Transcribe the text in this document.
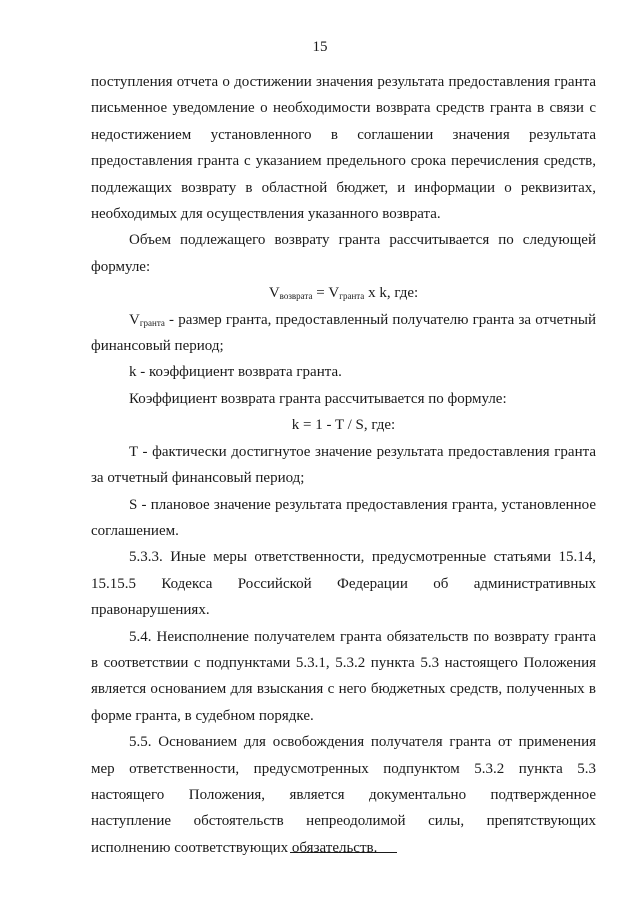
15

поступления отчета о достижении значения результата предоставления гранта письменное уведомление о необходимости возврата средств гранта в связи с недостижением установленного в соглашении значения результата предоставления гранта с указанием предельного срока перечисления средств, подлежащих возврату в областной бюджет, и информации о реквизитах, необходимых для осуществления указанного возврата.

Объем подлежащего возврату гранта рассчитывается по следующей формуле:

$V_{возврата} = V_{гранта}$ x k, где:

$V_{гранта}$ - размер гранта, предоставленный получателю гранта за отчетный финансовый период;

k - коэффициент возврата гранта.

Коэффициент возврата гранта рассчитывается по формуле:

k = 1 - T / S, где:

T - фактически достигнутое значение результата предоставления гранта за отчетный финансовый период;

S - плановое значение результата предоставления гранта, установленное соглашением.

5.3.3. Иные меры ответственности, предусмотренные статьями 15.14, 15.15.5 Кодекса Российской Федерации об административных правонарушениях.

5.4. Неисполнение получателем гранта обязательств по возврату гранта в соответствии с подпунктами 5.3.1, 5.3.2 пункта 5.3 настоящего Положения является основанием для взыскания с него бюджетных средств, полученных в форме гранта, в судебном порядке.

5.5. Основанием для освобождения получателя гранта от применения мер ответственности, предусмотренных подпунктом 5.3.2 пункта 5.3 настоящего Положения, является документально подтвержденное наступление обстоятельств непреодолимой силы, препятствующих исполнению соответствующих обязательств.
